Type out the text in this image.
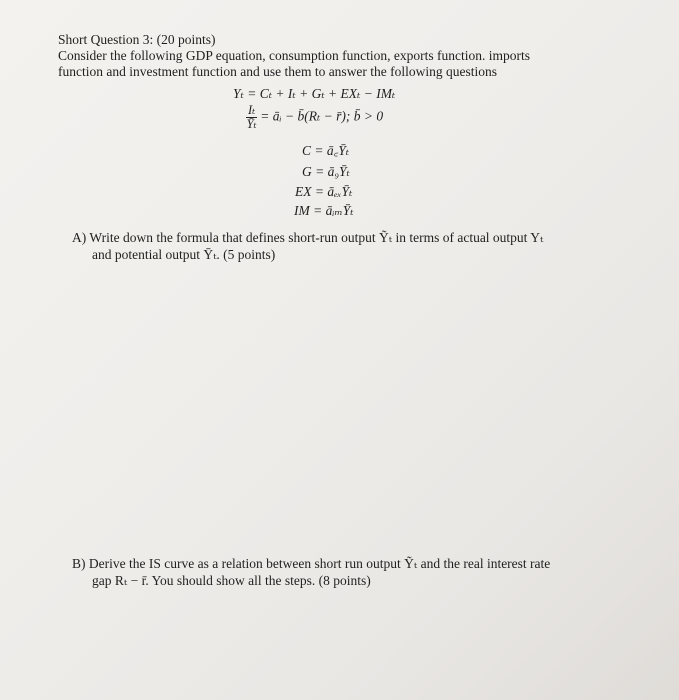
Short Question 3: (20 points)
Consider the following GDP equation, consumption function, exports function. imports
function and investment function and use them to answer the following questions
Yₜ = Cₜ + Iₜ + Gₜ + EXₜ − IMₜ
$\frac{\text{Iₜ}}{\text{Ȳₜ}}$ = āᵢ − b̄(Rₜ − r̄); b̄ > 0
C = ā꜀Ȳₜ
G = ā₉Ȳₜ
EX = āₑₓȲₜ
IM = āᵢₘȲₜ
A) Write down the formula that defines short-run output Ỹₜ in terms of actual output Yₜ
and potential output Ȳₜ. (5 points)
B) Derive the IS curve as a relation between short run output Ỹₜ and the real interest rate
gap Rₜ − r̄. You should show all the steps. (8 points)
